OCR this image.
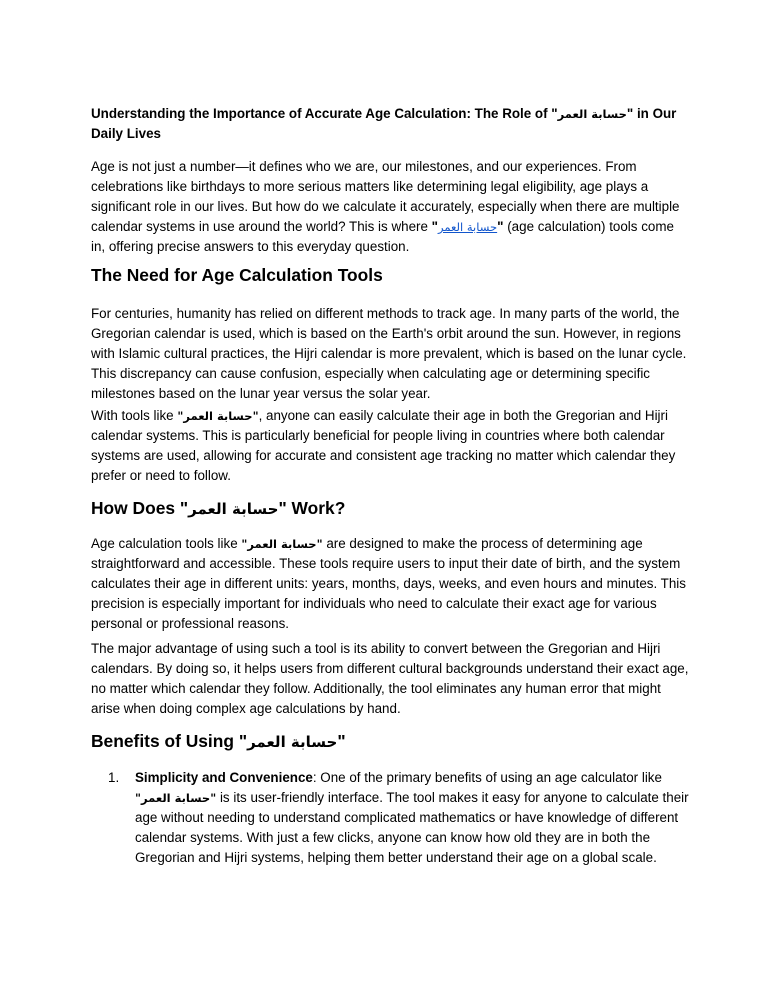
Understanding the Importance of Accurate Age Calculation: The Role of "حسابة العمر" in Our Daily Lives

Age is not just a number—it defines who we are, our milestones, and our experiences. From celebrations like birthdays to more serious matters like determining legal eligibility, age plays a significant role in our lives. But how do we calculate it accurately, especially when there are multiple calendar systems in use around the world? This is where "حسابة العمر" (age calculation) tools come in, offering precise answers to this everyday question.

The Need for Age Calculation Tools

For centuries, humanity has relied on different methods to track age. In many parts of the world, the Gregorian calendar is used, which is based on the Earth's orbit around the sun. However, in regions with Islamic cultural practices, the Hijri calendar is more prevalent, which is based on the lunar cycle. This discrepancy can cause confusion, especially when calculating age or determining specific milestones based on the lunar year versus the solar year.

With tools like "حسابة العمر", anyone can easily calculate their age in both the Gregorian and Hijri calendar systems. This is particularly beneficial for people living in countries where both calendar systems are used, allowing for accurate and consistent age tracking no matter which calendar they prefer or need to follow.

How Does "حسابة العمر" Work?

Age calculation tools like "حسابة العمر" are designed to make the process of determining age straightforward and accessible. These tools require users to input their date of birth, and the system calculates their age in different units: years, months, days, weeks, and even hours and minutes. This precision is especially important for individuals who need to calculate their exact age for various personal or professional reasons.

The major advantage of using such a tool is its ability to convert between the Gregorian and Hijri calendars. By doing so, it helps users from different cultural backgrounds understand their exact age, no matter which calendar they follow. Additionally, the tool eliminates any human error that might arise when doing complex age calculations by hand.

Benefits of Using "حسابة العمر"
1. Simplicity and Convenience: One of the primary benefits of using an age calculator like "حسابة العمر" is its user-friendly interface. The tool makes it easy for anyone to calculate their age without needing to understand complicated mathematics or have knowledge of different calendar systems. With just a few clicks, anyone can know how old they are in both the Gregorian and Hijri systems, helping them better understand their age on a global scale.
